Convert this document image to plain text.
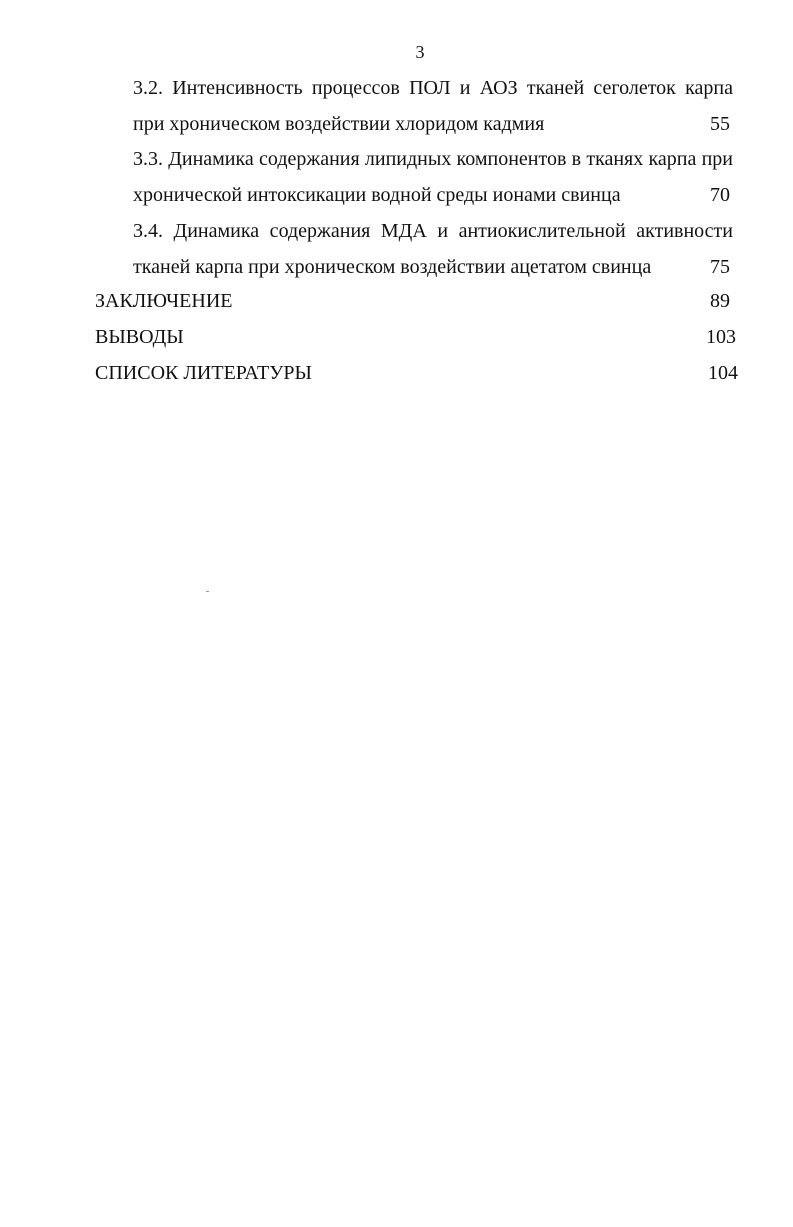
3
3.2. Интенсивность процессов ПОЛ и АОЗ тканей сеголеток карпа
при хроническом воздействии хлоридом кадмия	55
3.3. Динамика содержания липидных компонентов в тканях карпа при
хронической интоксикации водной среды ионами свинца	70
3.4. Динамика содержания МДА и антиокислительной активности
тканей карпа при хроническом воздействии ацетатом свинца	75
ЗАКЛЮЧЕНИЕ	89
ВЫВОДЫ	103
СПИСОК ЛИТЕРАТУРЫ	104
